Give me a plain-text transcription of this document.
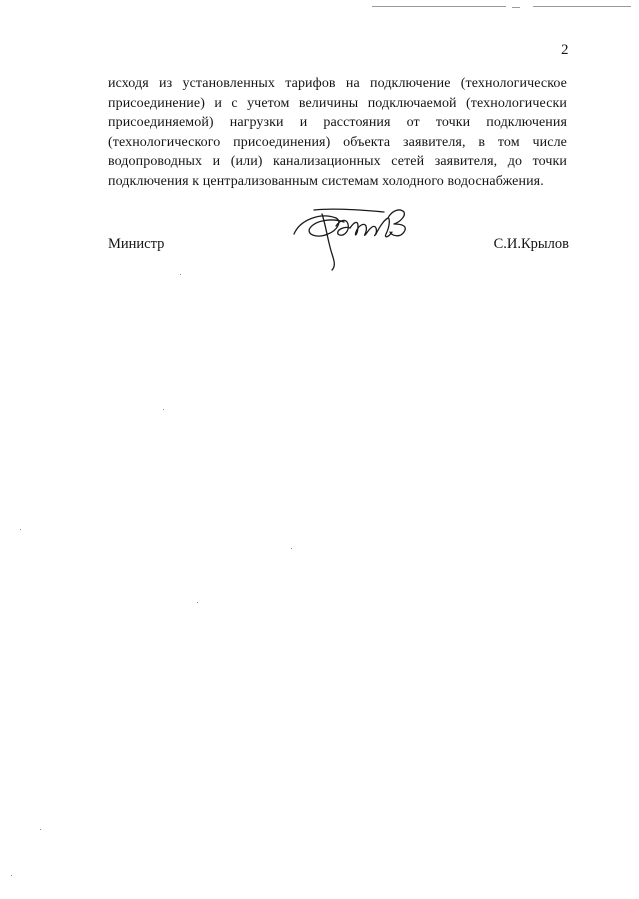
2
исходя из установленных тарифов на подключение (технологическое
присоединение) и с учетом величины подключаемой (технологически
присоединяемой) нагрузки и расстояния от точки подключения
(технологического присоединения) объекта заявителя, в том числе
водопроводных и (или) канализационных сетей заявителя, до точки
подключения к централизованным системам холодного водоснабжения.
Министр	С.И.Крылов
